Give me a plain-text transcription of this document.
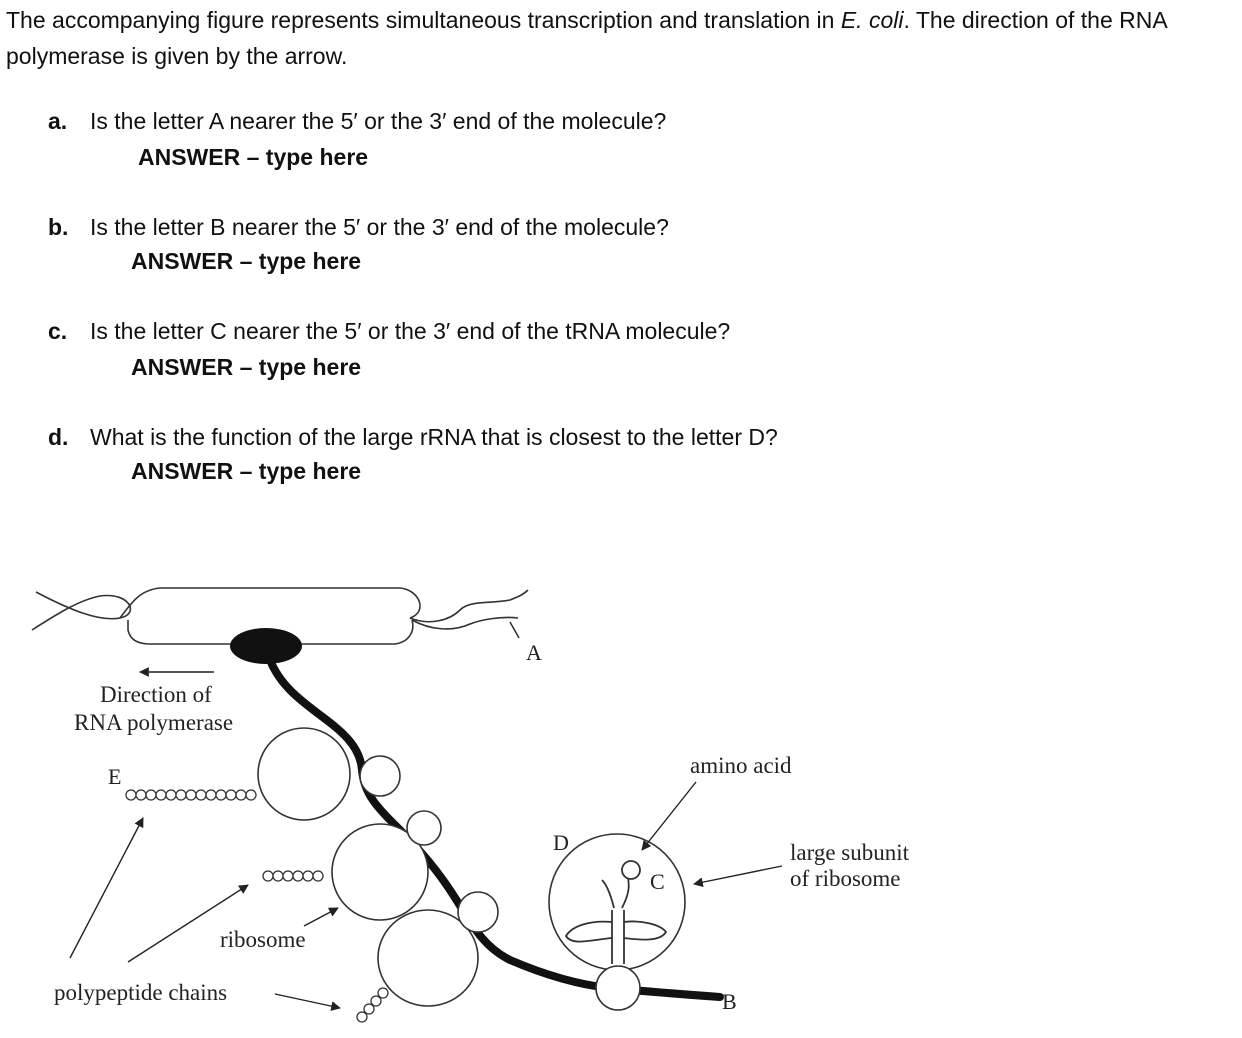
The accompanying figure represents simultaneous transcription and translation in E. coli. The direction of the RNA polymerase is given by the arrow.

a. Is the letter A nearer the 5′ or the 3′ end of the molecule?
ANSWER – type here
b. Is the letter B nearer the 5′ or the 3′ end of the molecule?
ANSWER – type here
c. Is the letter C nearer the 5′ or the 3′ end of the tRNA molecule?
ANSWER – type here
d. What is the function of the large rRNA that is closest to the letter D?
ANSWER – type here
Direction of
RNA polymerase
A
B
C
D
E	amino acid
large subunit
of ribosome
ribosome
polypeptide chains
